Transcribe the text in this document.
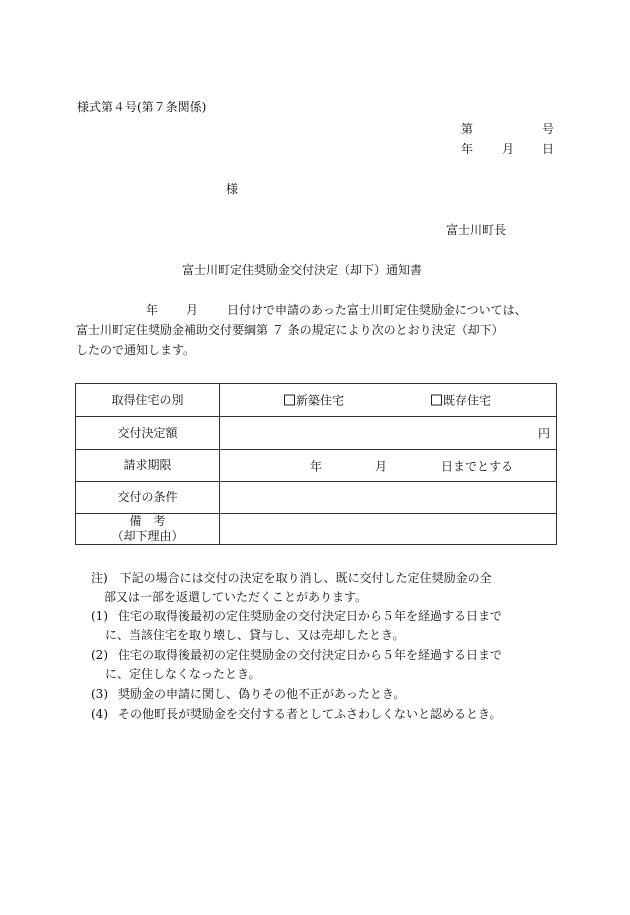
様式第４号(第７条関係)
第	号
年 月 日
様
富士川町長
富士川町定住奨励金交付決定（却下）通知書
年 月 日付けで申請のあった富士川町定住奨励金については、
富士川町定住奨励金補助交付要綱第 ７ 条の規定により次のとおり決定（却下）
したので通知します。
取得住宅の別	新築住宅 既存住宅

交付決定額	円

請求期限	年 月 日までとする

交付の条件	

備　考
（却下理由）	

注)　下記の場合には交付の決定を取り消し、既に交付した定住奨励金の全
部又は一部を返還していただくことがあります。
(1) 住宅の取得後最初の定住奨励金の交付決定日から５年を経過する日まで
に、当該住宅を取り壊し、貸与し、又は売却したとき。
(2) 住宅の取得後最初の定住奨励金の交付決定日から５年を経過する日まで
に、定住しなくなったとき。
(3) 奨励金の申請に関し、偽りその他不正があったとき。
(4) その他町長が奨励金を交付する者としてふさわしくないと認めるとき。
